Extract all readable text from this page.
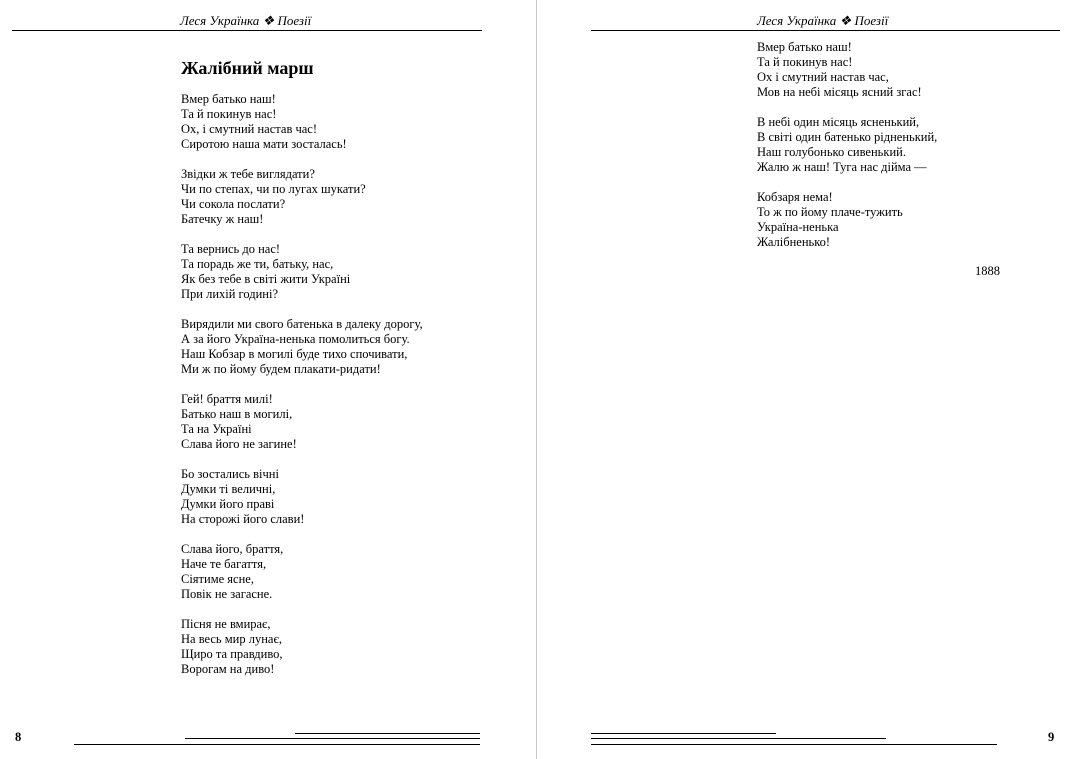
Леся Українка ❖ Поезії
Жалібний марш
Вмер батько наш!
Та й покинув нас!
Ох, і смутний настав час!
Сиротою наша мати зосталась!
Звідки ж тебе виглядати?
Чи по степах, чи по лугах шукати?
Чи сокола послати?
Батечку ж наш!
Та вернись до нас!
Та порадь же ти, батьку, нас,
Як без тебе в світі жити Україні
При лихій годині?
Вирядили ми свого батенька в далеку дорогу,
А за його Україна-ненька помолиться богу.
Наш Кобзар в могилі буде тихо спочивати,
Ми ж по йому будем плакати-ридати!
Гей! браття милі!
Батько наш в могилі,
Та на Україні
Слава його не загине!
Бо зостались вічні
Думки ті величні,
Думки його праві
На сторожі його слави!
Слава його, браття,
Наче те багаття,
Сіятиме ясне,
Повік не загасне.
Пісня не вмирає,
На весь мир лунає,
Щиро та правдиво,
Ворогам на диво!
8
Леся Українка ❖ Поезії
Вмер батько наш!
Та й покинув нас!
Ох і смутний настав час,
Мов на небі місяць ясний згас!
В небі один місяць ясненький,
В світі один батенько рідненький,
Наш голубонько сивенький.
Жалю ж наш! Туга нас дійма —
Кобзаря нема!
То ж по йому плаче-тужить
Україна-ненька
Жалібненько!
1888
9
